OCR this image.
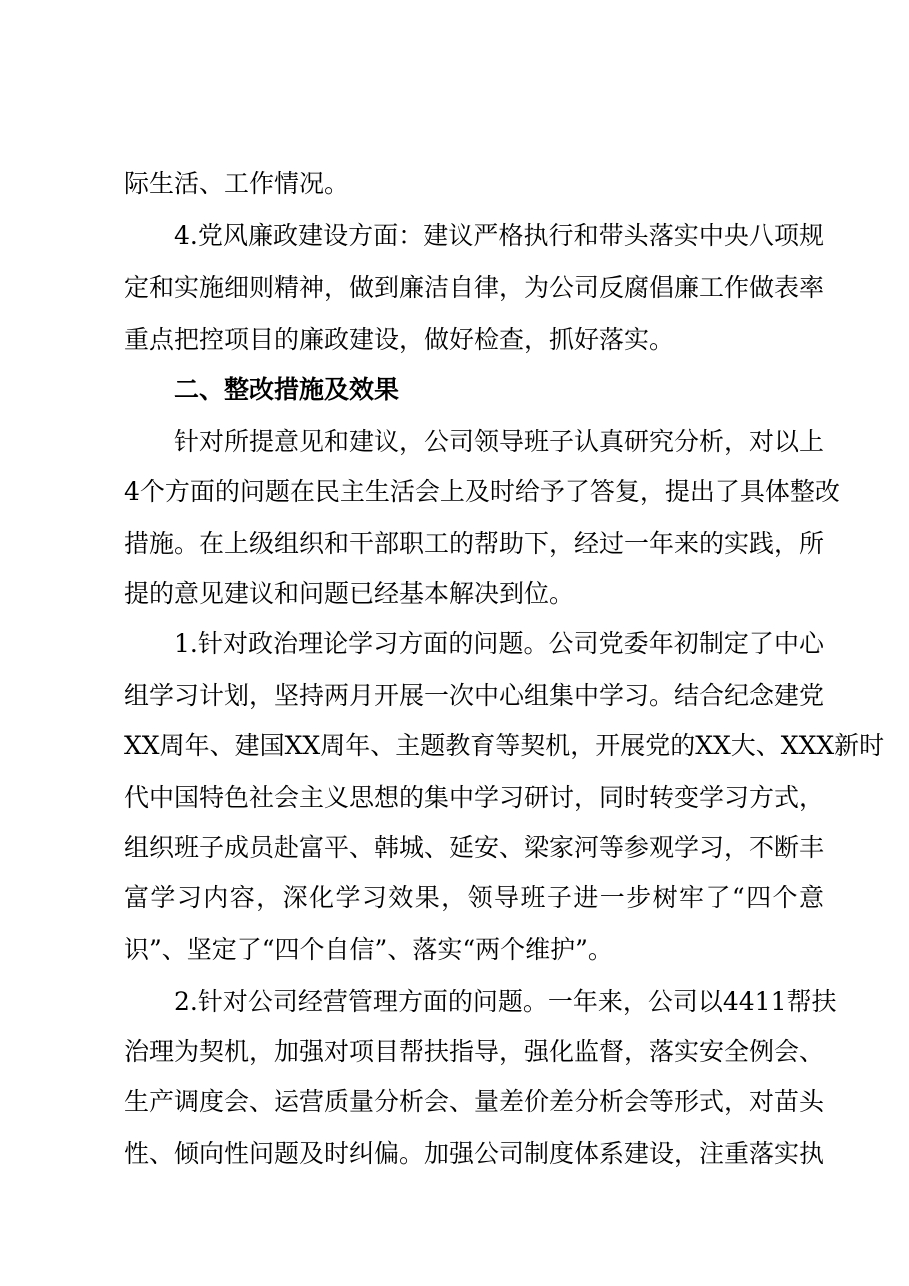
际生活、工作情况。
4.党风廉政建设方面：建议严格执行和带头落实中央八项规
定和实施细则精神，做到廉洁自律，为公司反腐倡廉工作做表率
重点把控项目的廉政建设，做好检查，抓好落实。
二、整改措施及效果
针对所提意见和建议，公司领导班子认真研究分析，对以上
4个方面的问题在民主生活会上及时给予了答复，提出了具体整改
措施。在上级组织和干部职工的帮助下，经过一年来的实践，所
提的意见建议和问题已经基本解决到位。
1.针对政治理论学习方面的问题。公司党委年初制定了中心
组学习计划，坚持两月开展一次中心组集中学习。结合纪念建党
XX周年、建国XX周年、主题教育等契机，开展党的XX大、XXX新时
代中国特色社会主义思想的集中学习研讨，同时转变学习方式，
组织班子成员赴富平、韩城、延安、梁家河等参观学习，不断丰
富学习内容，深化学习效果，领导班子进一步树牢了“四个意
识”、坚定了“四个自信”、落实“两个维护”。
2.针对公司经营管理方面的问题。一年来，公司以4411帮扶
治理为契机，加强对项目帮扶指导，强化监督，落实安全例会、
生产调度会、运营质量分析会、量差价差分析会等形式，对苗头
性、倾向性问题及时纠偏。加强公司制度体系建设，注重落实执
